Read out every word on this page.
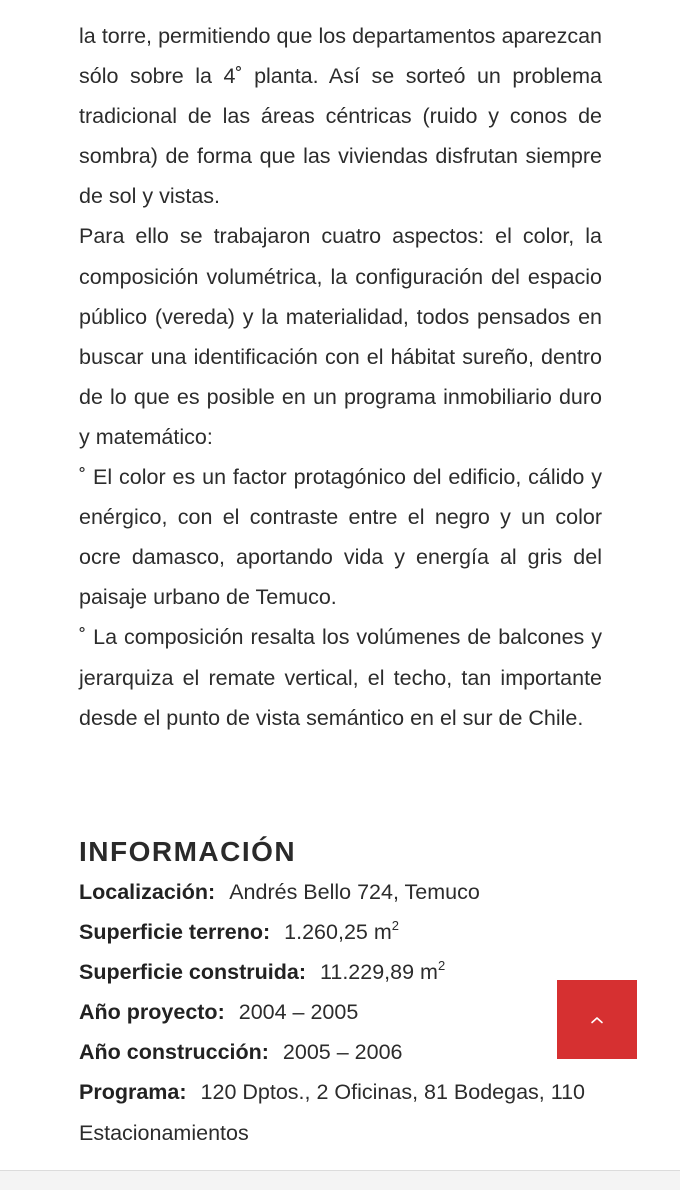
la torre, permitiendo que los departamentos aparezcan sólo sobre la 4˚ planta. Así se sorteó un problema tradicional de las áreas céntricas (ruido y conos de sombra) de forma que las viviendas disfrutan siempre de sol y vistas.

Para ello se trabajaron cuatro aspectos: el color, la composición volumétrica, la configuración del espacio público (vereda) y la materialidad, todos pensados en buscar una identificación con el hábitat sureño, dentro de lo que es posible en un programa inmobiliario duro y matemático:

˚ El color es un factor protagónico del edificio, cálido y enérgico, con el contraste entre el negro y un color ocre damasco, aportando vida y energía al gris del paisaje urbano de Temuco.

˚ La composición resalta los volúmenes de balcones y jerarquiza el remate vertical, el techo, tan importante desde el punto de vista semántico en el sur de Chile.

INFORMACIÓN
Localización: Andrés Bello 724, Temuco
Superficie terreno: 1.260,25 $m^2$
Superficie construida: 11.229,89 $m^2$
Año proyecto: 2004 – 2005
Año construcción: 2005 – 2006
Programa: 120 Dptos., 2 Oficinas, 81 Bodegas, 110 Estacionamientos
